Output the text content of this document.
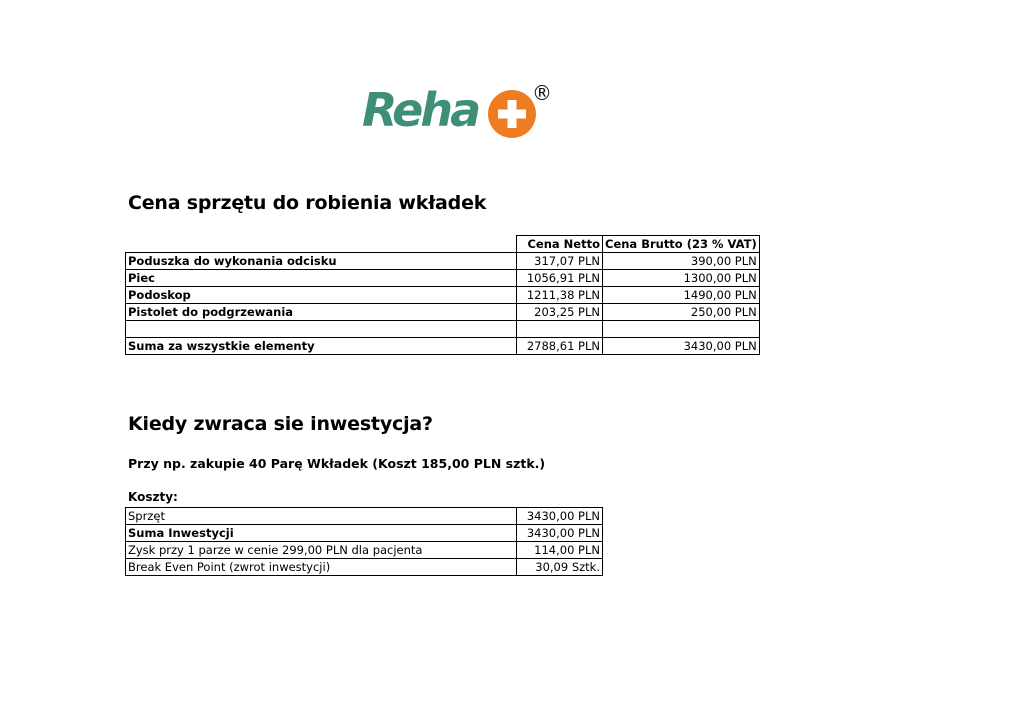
Reha	®
Cena sprzętu do robienia wkładek
	Cena Netto	Cena Brutto (23 % VAT)
Poduszka do wykonania odcisku	317,07 PLN	390,00 PLN
Piec	1056,91 PLN	1300,00 PLN
Podoskop	1211,38 PLN	1490,00 PLN
Pistolet do podgrzewania	203,25 PLN	250,00 PLN

Suma za wszystkie elementy	2788,61 PLN	3430,00 PLN
Kiedy zwraca sie inwestycja?
Przy np. zakupie 40 Parę Wkładek (Koszt 185,00 PLN sztk.)
Koszty:
Sprzęt	3430,00 PLN
Suma Inwestycji	3430,00 PLN
Zysk przy 1 parze w cenie 299,00 PLN dla pacjenta	114,00 PLN
Break Even Point (zwrot inwestycji)	30,09 Sztk.
